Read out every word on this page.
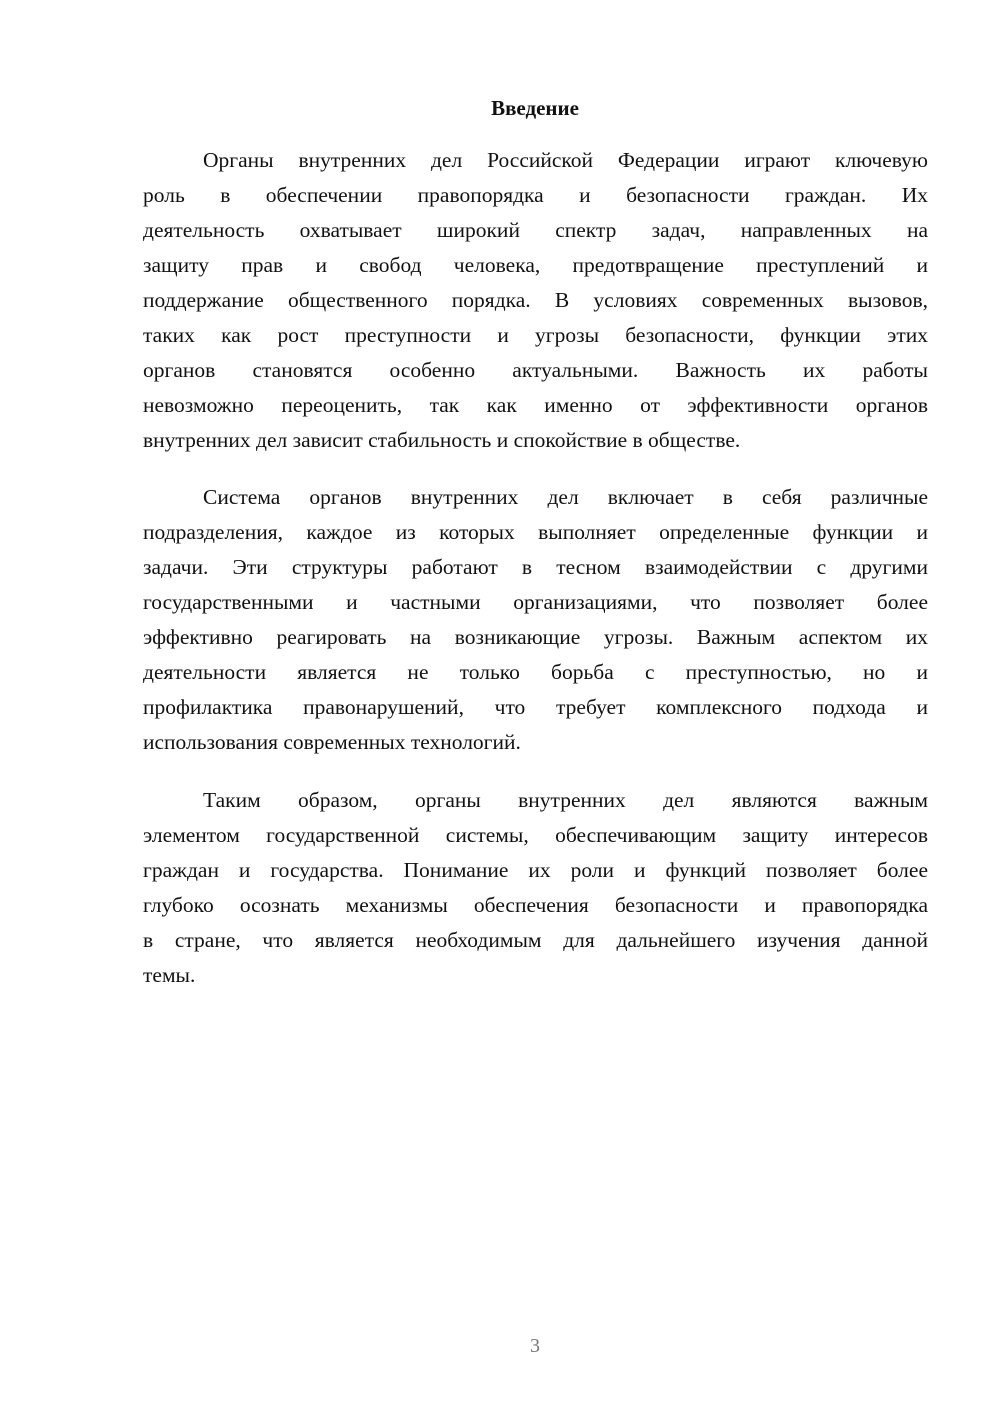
Введение
Органы внутренних дел Российской Федерации играют ключевую
роль в обеспечении правопорядка и безопасности граждан. Их
деятельность охватывает широкий спектр задач, направленных на
защиту прав и свобод человека, предотвращение преступлений и
поддержание общественного порядка. В условиях современных вызовов,
таких как рост преступности и угрозы безопасности, функции этих
органов становятся особенно актуальными. Важность их работы
невозможно переоценить, так как именно от эффективности органов
внутренних дел зависит стабильность и спокойствие в обществе.
Система органов внутренних дел включает в себя различные
подразделения, каждое из которых выполняет определенные функции и
задачи. Эти структуры работают в тесном взаимодействии с другими
государственными и частными организациями, что позволяет более
эффективно реагировать на возникающие угрозы. Важным аспектом их
деятельности является не только борьба с преступностью, но и
профилактика правонарушений, что требует комплексного подхода и
использования современных технологий.
Таким образом, органы внутренних дел являются важным
элементом государственной системы, обеспечивающим защиту интересов
граждан и государства. Понимание их роли и функций позволяет более
глубоко осознать механизмы обеспечения безопасности и правопорядка
в стране, что является необходимым для дальнейшего изучения данной
темы.
3
